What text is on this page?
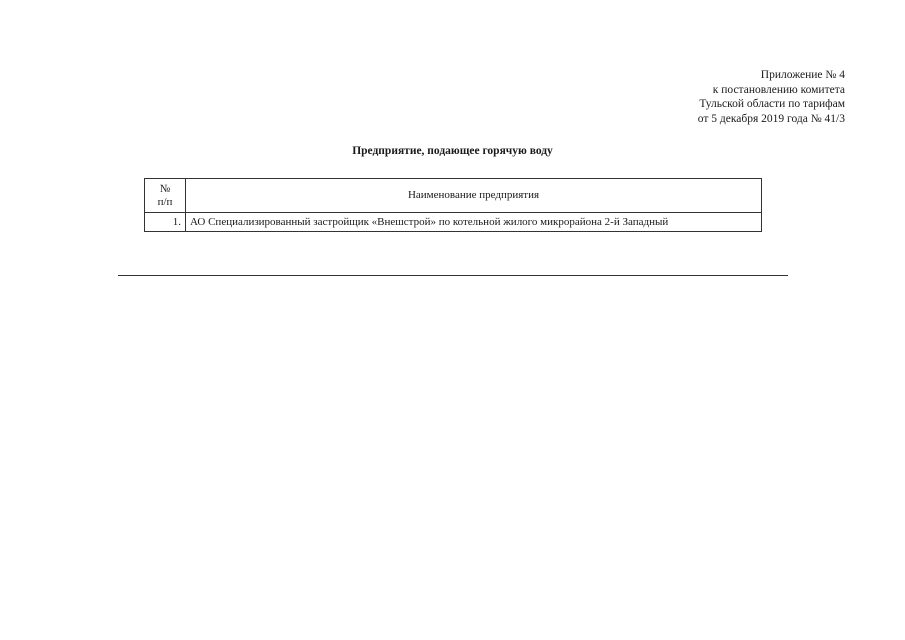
Приложение № 4
к постановлению комитета
Тульской области по тарифам
от 5 декабря 2019 года № 41/3
Предприятие, подающее горячую воду
№
п/п	Наименование предприятия
1.	АО Специализированный застройщик «Внешстрой» по котельной жилого микрорайона 2-й Западный
